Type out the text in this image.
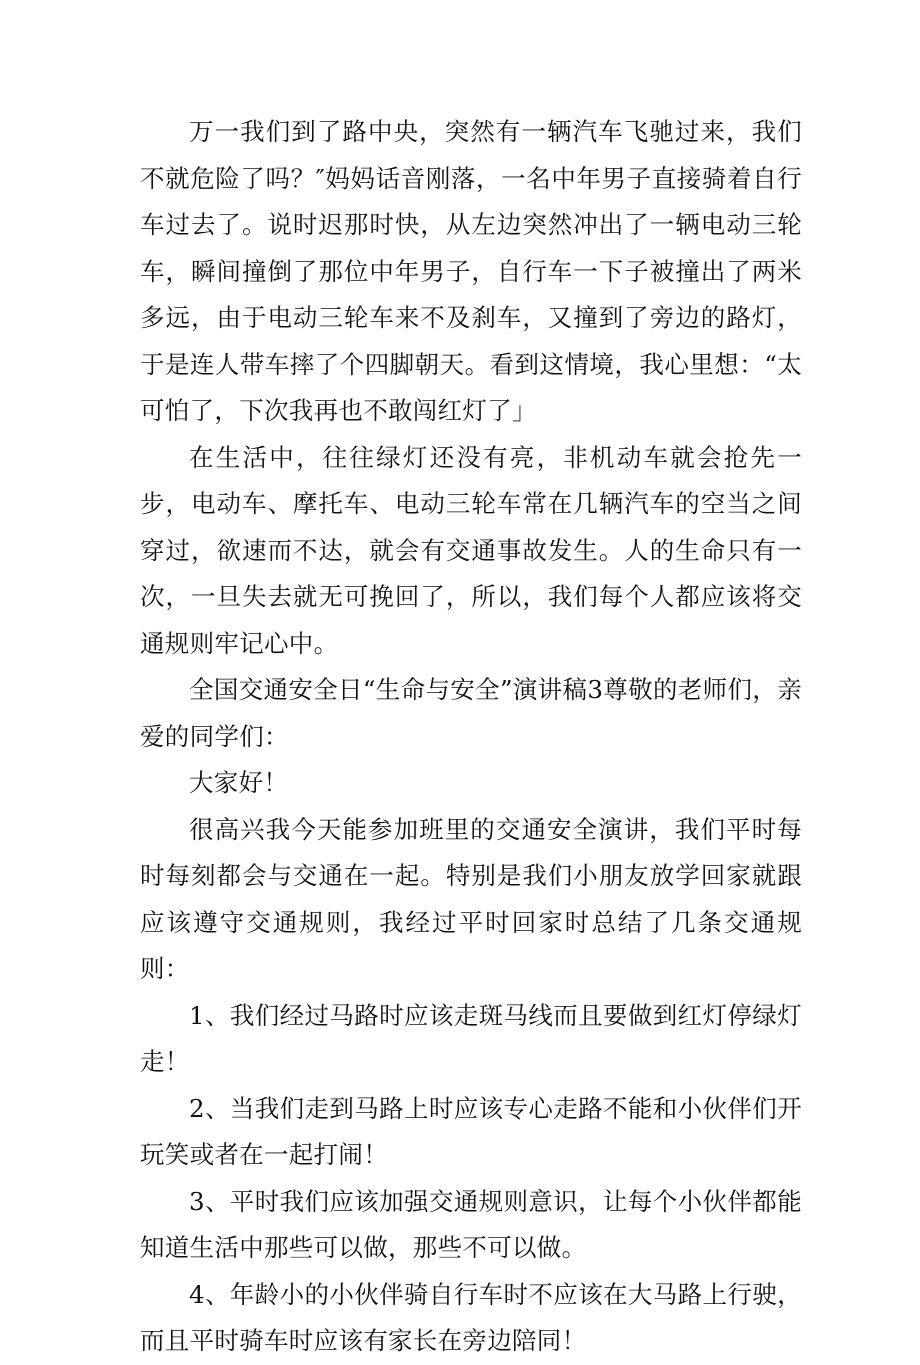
万一我们到了路中央，突然有一辆汽车飞驰过来，我们不就危险了吗？″妈妈话音刚落，一名中年男子直接骑着自行车过去了。说时迟那时快，从左边突然冲出了一辆电动三轮车，瞬间撞倒了那位中年男子，自行车一下子被撞出了两米多远，由于电动三轮车来不及刹车，又撞到了旁边的路灯，于是连人带车摔了个四脚朝天。看到这情境，我心里想：“太可怕了，下次我再也不敢闯红灯了」

在生活中，往往绿灯还没有亮，非机动车就会抢先一步，电动车、摩托车、电动三轮车常在几辆汽车的空当之间穿过，欲速而不达，就会有交通事故发生。人的生命只有一次，一旦失去就无可挽回了，所以，我们每个人都应该将交通规则牢记心中。

全国交通安全日“生命与安全”演讲稿3尊敬的老师们，亲爱的同学们：

大家好！

很高兴我今天能参加班里的交通安全演讲，我们平时每时每刻都会与交通在一起。特别是我们小朋友放学回家就跟应该遵守交通规则，我经过平时回家时总结了几条交通规则：

1、我们经过马路时应该走斑马线而且要做到红灯停绿灯走！

2、当我们走到马路上时应该专心走路不能和小伙伴们开玩笑或者在一起打闹！

3、平时我们应该加强交通规则意识，让每个小伙伴都能知道生活中那些可以做，那些不可以做。

4、年龄小的小伙伴骑自行车时不应该在大马路上行驶，而且平时骑车时应该有家长在旁边陪同！
